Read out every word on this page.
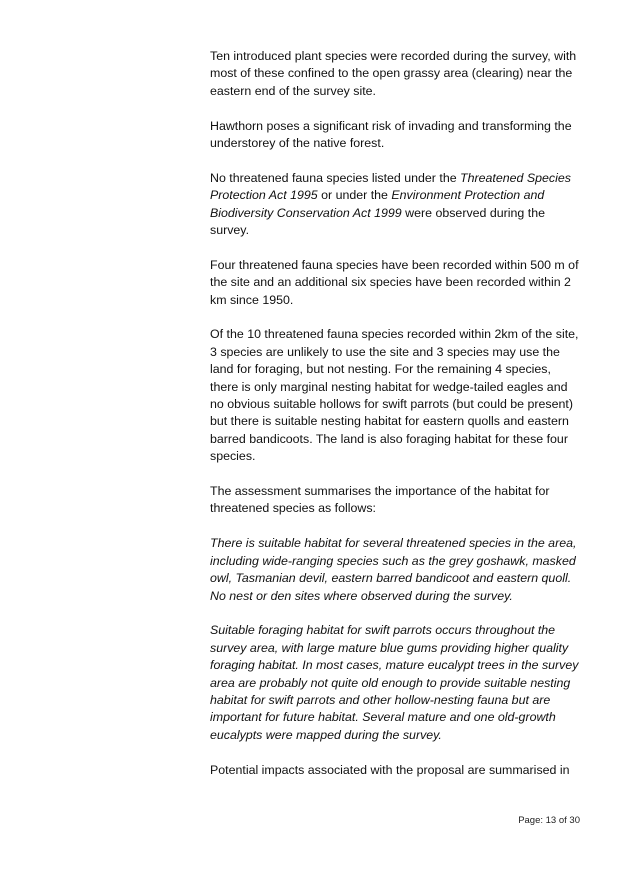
Ten introduced plant species were recorded during the survey, with most of these confined to the open grassy area (clearing) near the eastern end of the survey site.

Hawthorn poses a significant risk of invading and transforming the understorey of the native forest.

No threatened fauna species listed under the Threatened Species Protection Act 1995 or under the Environment Protection and Biodiversity Conservation Act 1999 were observed during the survey.

Four threatened fauna species have been recorded within 500 m of the site and an additional six species have been recorded within 2 km since 1950.

Of the 10 threatened fauna species recorded within 2km of the site, 3 species are unlikely to use the site and 3 species may use the land for foraging, but not nesting. For the remaining 4 species, there is only marginal nesting habitat for wedge-tailed eagles and no obvious suitable hollows for swift parrots (but could be present) but there is suitable nesting habitat for eastern quolls and eastern barred bandicoots. The land is also foraging habitat for these four species.

The assessment summarises the importance of the habitat for threatened species as follows:

There is suitable habitat for several threatened species in the area, including wide-ranging species such as the grey goshawk, masked owl, Tasmanian devil, eastern barred bandicoot and eastern quoll. No nest or den sites where observed during the survey.

Suitable foraging habitat for swift parrots occurs throughout the survey area, with large mature blue gums providing higher quality foraging habitat. In most cases, mature eucalypt trees in the survey area are probably not quite old enough to provide suitable nesting habitat for swift parrots and other hollow-nesting fauna but are important for future habitat. Several mature and one old-growth eucalypts were mapped during the survey.

Potential impacts associated with the proposal are summarised in

Page: 13 of 30
